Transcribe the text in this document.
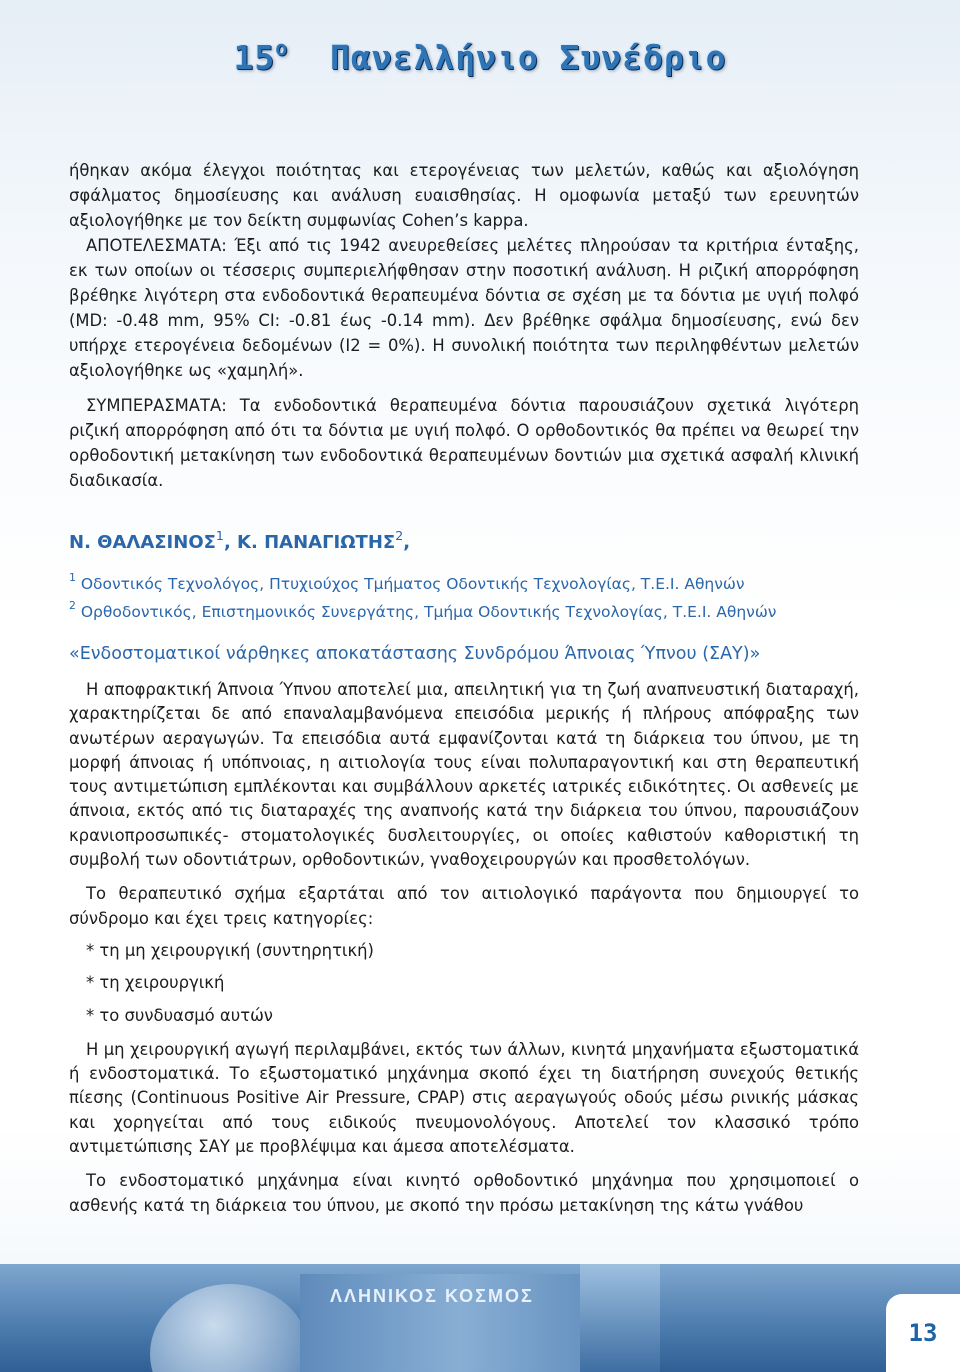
$15^o$ Πανελλήνιο Συνέδριο

ήθηκαν ακόμα έλεγχοι ποιότητας και ετερογένειας των μελετών, καθώς και αξιολόγηση σφάλματος δημοσίευσης και ανάλυση ευαισθησίας. Η ομοφωνία μεταξύ των ερευνητών αξιολογήθηκε με τον δείκτη συμφωνίας Cohen’s kappa.

ΑΠΟΤΕΛΕΣΜΑΤΑ: Έξι από τις 1942 ανευρεθείσες μελέτες πληρούσαν τα κριτήρια ένταξης, εκ των οποίων οι τέσσερις συμπεριελήφθησαν στην ποσοτική ανάλυση. Η ριζική απορρόφηση βρέθηκε λιγότερη στα ενδοδοντικά θεραπευμένα δόντια σε σχέση με τα δόντια με υγιή πολφό (MD: -0.48 mm, 95% CI: -0.81 έως -0.14 mm). Δεν βρέθηκε σφάλμα δημοσίευσης, ενώ δεν υπήρχε ετερογένεια δεδομένων (I2 = 0%). Η συνολική ποιότητα των περιληφθέντων μελετών αξιολογήθηκε ως «χαμηλή».

ΣΥΜΠΕΡΑΣΜΑΤΑ: Τα ενδοδοντικά θεραπευμένα δόντια παρουσιάζουν σχετικά λιγότερη ριζική απορρόφηση από ότι τα δόντια με υγιή πολφό. Ο ορθοδοντικός θα πρέπει να θεωρεί την ορθοδοντική μετακίνηση των ενδοδοντικά θεραπευμένων δοντιών μια σχετικά ασφαλή κλινική διαδικασία.

Ν. ΘΑΛΑΣΙΝΟΣ$^1$, Κ. ΠΑΝΑΓΙΩΤΗΣ$^2$,
$^1$ Οδοντικός Τεχνολόγος, Πτυχιούχος Τμήματος Οδοντικής Τεχνολογίας, Τ.Ε.Ι. Αθηνών
$^2$ Ορθοδοντικός, Επιστημονικός Συνεργάτης, Τμήμα Οδοντικής Τεχνολογίας, Τ.Ε.Ι. Αθηνών
«Ενδοστοματικοί νάρθηκες αποκατάστασης Συνδρόμου Άπνοιας Ύπνου (ΣΑΥ)»

Η αποφρακτική Άπνοια Ύπνου αποτελεί μια, απειλητική για τη ζωή αναπνευστική διαταραχή, χαρακτηρίζεται δε από επαναλαμβανόμενα επεισόδια μερικής ή πλήρους απόφραξης των ανωτέρων αεραγωγών. Τα επεισόδια αυτά εμφανίζονται κατά τη διάρκεια του ύπνου, με τη μορφή άπνοιας ή υπόπνοιας, η αιτιολογία τους είναι πολυπαραγοντική και στη θεραπευτική τους αντιμετώπιση εμπλέκονται και συμβάλλουν αρκετές ιατρικές ειδικότητες. Οι ασθενείς με άπνοια, εκτός από τις διαταραχές της αναπνοής κατά την διάρκεια του ύπνου, παρουσιάζουν κρανιοπροσωπικές- στοματολογικές δυσλειτουργίες, οι οποίες καθιστούν καθοριστική τη συμβολή των οδοντιάτρων, ορθοδοντικών, γναθοχειρουργών και προσθετολόγων.

Το θεραπευτικό σχήμα εξαρτάται από τον αιτιολογικό παράγοντα που δημιουργεί το σύνδρομο και έχει τρεις κατηγορίες:

* τη μη χειρουργική (συντηρητική)
* τη χειρουργική
* το συνδυασμό αυτών

Η μη χειρουργική αγωγή περιλαμβάνει, εκτός των άλλων, κινητά μηχανήματα εξωστοματικά ή ενδοστοματικά. Το εξωστοματικό μηχάνημα σκοπό έχει τη διατήρηση συνεχούς θετικής πίεσης (Continuous Positive Air Pressure, CPAP) στις αεραγωγούς οδούς μέσω ρινικής μάσκας και χορηγείται από τους ειδικούς πνευμονολόγους. Αποτελεί τον κλασσικό τρόπο αντιμετώπισης ΣΑΥ με προβλέψιμα και άμεσα αποτελέσματα.

Το ενδοστοματικό μηχάνημα είναι κινητό ορθοδοντικό μηχάνημα που χρησιμοποιεί ο ασθενής κατά τη διάρκεια του ύπνου, με σκοπό την πρόσω μετακίνηση της κάτω γνάθου

ΛΛΗΝΙΚΟΣ ΚΟΣΜΟΣ
13
